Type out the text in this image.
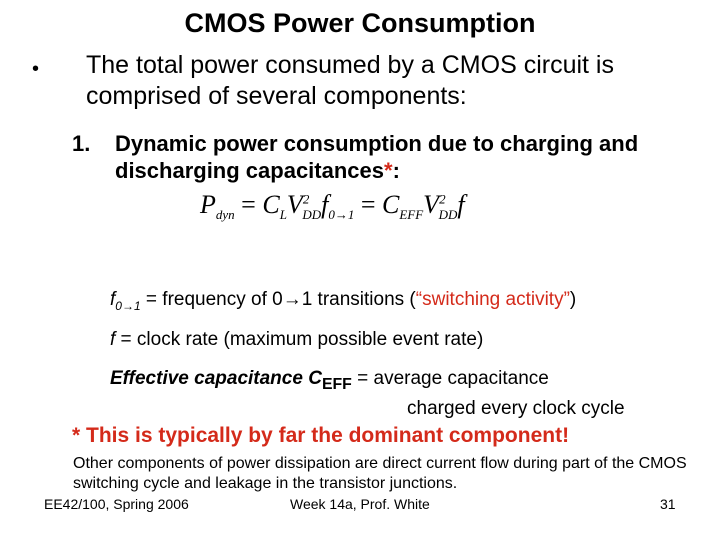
CMOS Power Consumption
• The total power consumed by a CMOS circuit is comprised of several components:
1. Dynamic power consumption due to charging and discharging capacitances*:
$P_{dyn} = C_LV^2_{DD}f_{0\to 1} = C_{EFF}V^2_{DD}f$
$f_{0\to 1}$ = frequency of 0→1 transitions (“switching activity”)
f = clock rate (maximum possible event rate)
Effective capacitance $C_{EFF}$ = average capacitance
charged every clock cycle
* This is typically by far the dominant component!
Other components of power dissipation are direct current flow during part of the CMOS switching cycle and leakage in the transistor junctions.
EE42/100, Spring 2006	Week 14a, Prof. White	31
